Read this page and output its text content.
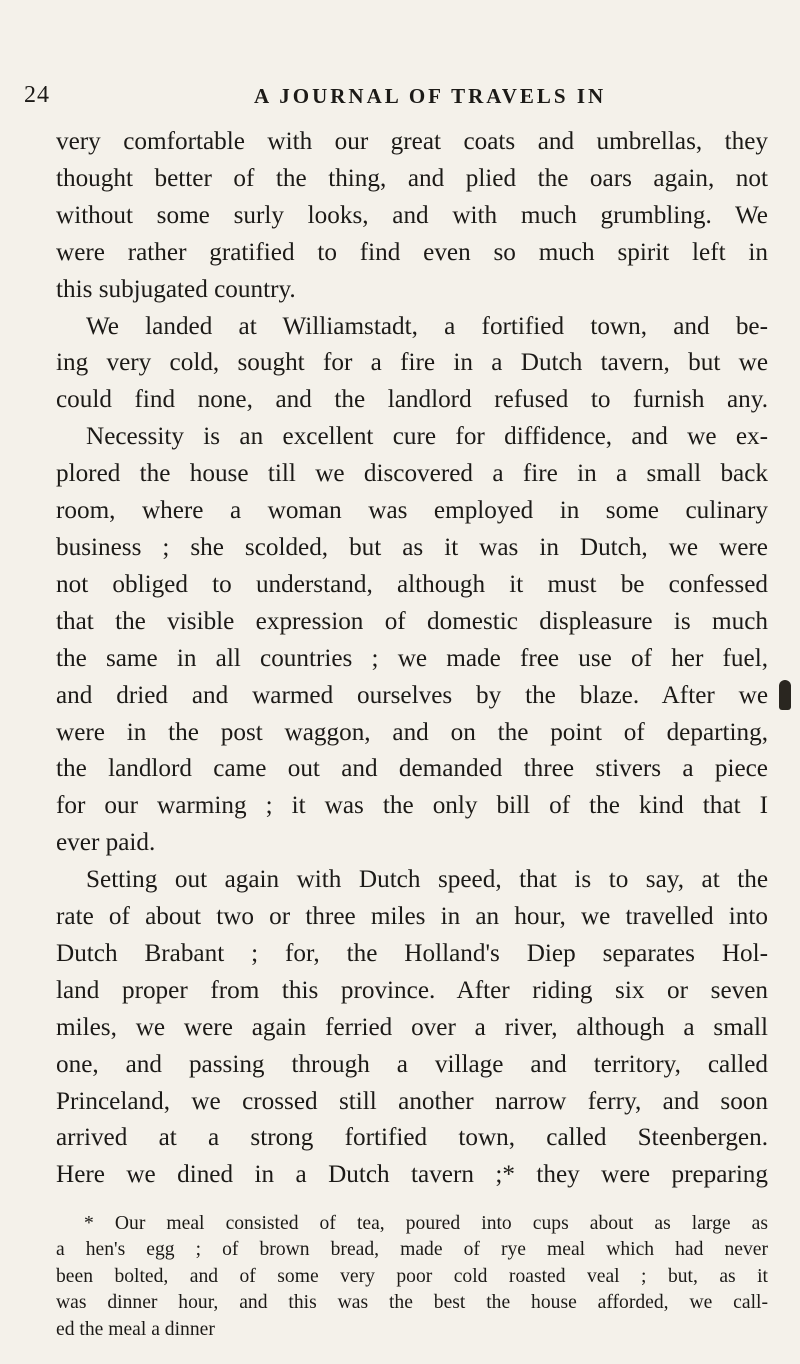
24	A JOURNAL OF TRAVELS IN
very comfortable with our great coats and umbrellas, they
thought better of the thing, and plied the oars again, not
without some surly looks, and with much grumbling. We
were rather gratified to find even so much spirit left in
this subjugated country.
We landed at Williamstadt, a fortified town, and be-
ing very cold, sought for a fire in a Dutch tavern, but we
could find none, and the landlord refused to furnish any.
Necessity is an excellent cure for diffidence, and we ex-
plored the house till we discovered a fire in a small back
room, where a woman was employed in some culinary
business ; she scolded, but as it was in Dutch, we were
not obliged to understand, although it must be confessed
that the visible expression of domestic displeasure is much
the same in all countries ; we made free use of her fuel,
and dried and warmed ourselves by the blaze. After we
were in the post waggon, and on the point of departing,
the landlord came out and demanded three stivers a piece
for our warming ; it was the only bill of the kind that I
ever paid.
Setting out again with Dutch speed, that is to say, at the
rate of about two or three miles in an hour, we travelled into
Dutch Brabant ; for, the Holland's Diep separates Hol-
land proper from this province. After riding six or seven
miles, we were again ferried over a river, although a small
one, and passing through a village and territory, called
Princeland, we crossed still another narrow ferry, and soon
arrived at a strong fortified town, called Steenbergen.
Here we dined in a Dutch tavern ;* they were preparing
* Our meal consisted of tea, poured into cups about as large as
a hen's egg ; of brown bread, made of rye meal which had never
been bolted, and of some very poor cold roasted veal ; but, as it
was dinner hour, and this was the best the house afforded, we call-
ed the meal a dinner
